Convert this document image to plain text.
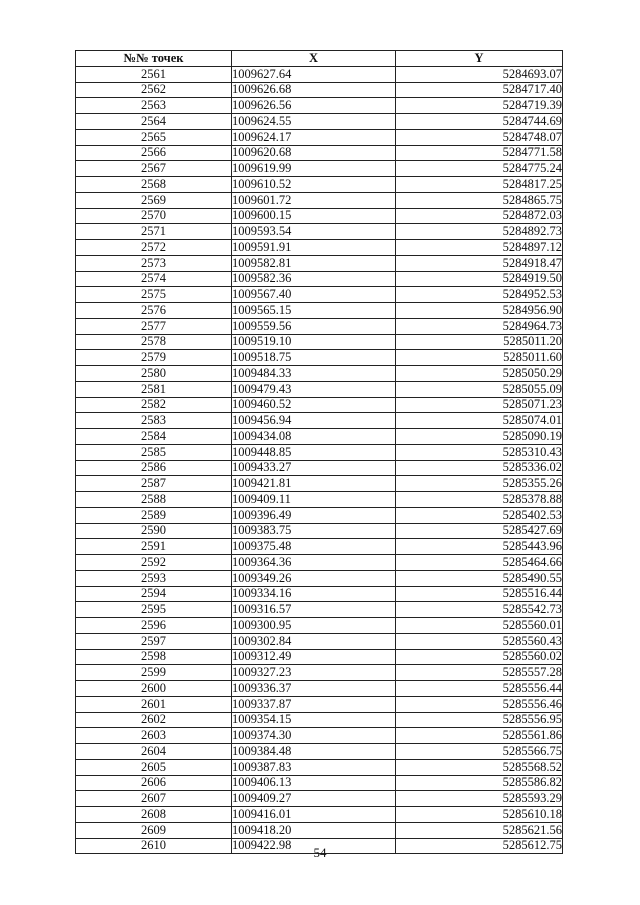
№№ точек	X	Y
2561	1009627.64	5284693.07
2562	1009626.68	5284717.40
2563	1009626.56	5284719.39
2564	1009624.55	5284744.69
2565	1009624.17	5284748.07
2566	1009620.68	5284771.58
2567	1009619.99	5284775.24
2568	1009610.52	5284817.25
2569	1009601.72	5284865.75
2570	1009600.15	5284872.03
2571	1009593.54	5284892.73
2572	1009591.91	5284897.12
2573	1009582.81	5284918.47
2574	1009582.36	5284919.50
2575	1009567.40	5284952.53
2576	1009565.15	5284956.90
2577	1009559.56	5284964.73
2578	1009519.10	5285011.20
2579	1009518.75	5285011.60
2580	1009484.33	5285050.29
2581	1009479.43	5285055.09
2582	1009460.52	5285071.23
2583	1009456.94	5285074.01
2584	1009434.08	5285090.19
2585	1009448.85	5285310.43
2586	1009433.27	5285336.02
2587	1009421.81	5285355.26
2588	1009409.11	5285378.88
2589	1009396.49	5285402.53
2590	1009383.75	5285427.69
2591	1009375.48	5285443.96
2592	1009364.36	5285464.66
2593	1009349.26	5285490.55
2594	1009334.16	5285516.44
2595	1009316.57	5285542.73
2596	1009300.95	5285560.01
2597	1009302.84	5285560.43
2598	1009312.49	5285560.02
2599	1009327.23	5285557.28
2600	1009336.37	5285556.44
2601	1009337.87	5285556.46
2602	1009354.15	5285556.95
2603	1009374.30	5285561.86
2604	1009384.48	5285566.75
2605	1009387.83	5285568.52
2606	1009406.13	5285586.82
2607	1009409.27	5285593.29
2608	1009416.01	5285610.18
2609	1009418.20	5285621.56
2610	1009422.98	5285612.75
54
